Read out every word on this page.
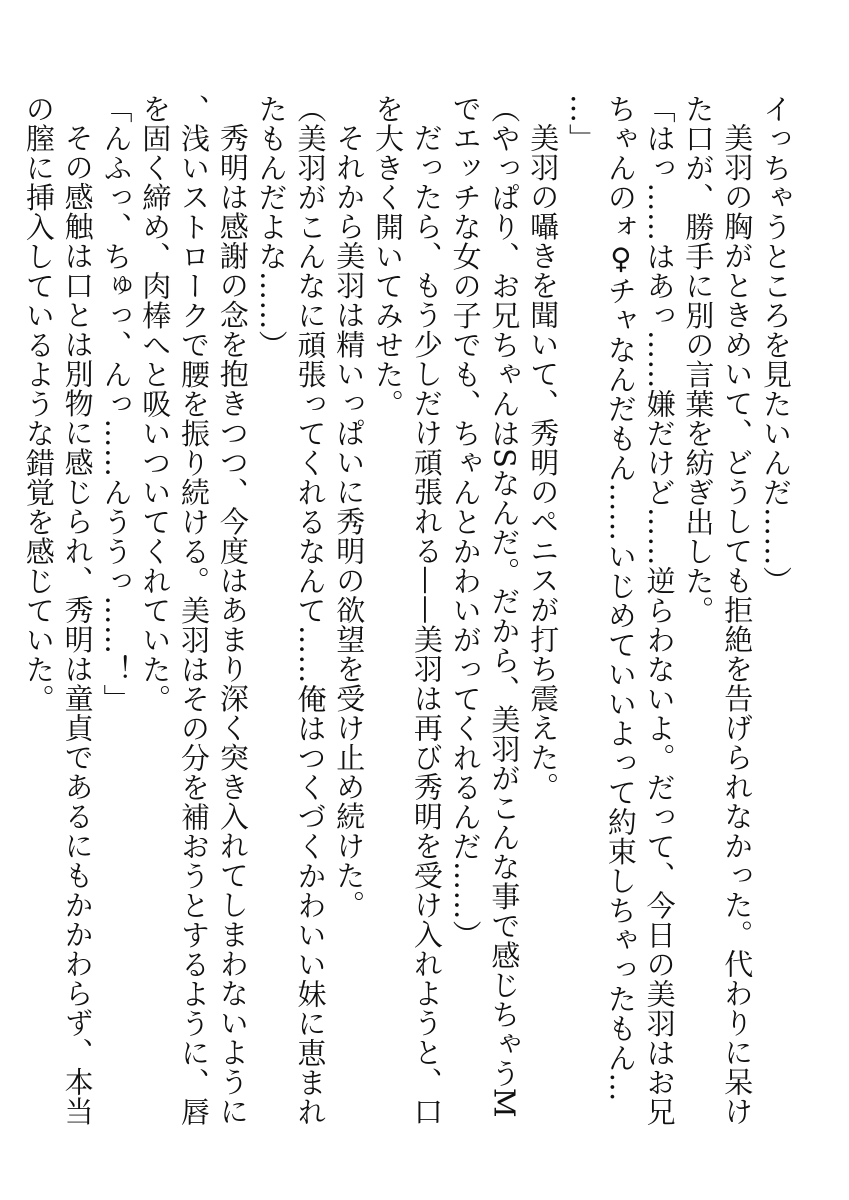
イっちゃうところを見たいんだ……）

美羽の胸がときめいて、どうしても拒絶を告げられなかった。代わりに呆けた口が、勝手に別の言葉を紡ぎ出した。

「はっ……はあっ……嫌だけど……逆らわないよ。だって、今日の美羽はお兄ちゃんのォ♀チャなんだもん……いじめていいよって約束しちゃったもん……」

美羽の囁きを聞いて、秀明のペニスが打ち震えた。

（やっぱり、お兄ちゃんはSなんだ。だから、美羽がこんな事で感じちゃうMでエッチな女の子でも、ちゃんとかわいがってくれるんだ……）

だったら、もう少しだけ頑張れる——美羽は再び秀明を受け入れようと、口を大きく開いてみせた。

それから美羽は精いっぱいに秀明の欲望を受け止め続けた。

（美羽がこんなに頑張ってくれるなんて……俺はつくづくかわいい妹に恵まれたもんだよな……）

秀明は感謝の念を抱きつつ、今度はあまり深く突き入れてしまわないように、浅いストロークで腰を振り続ける。美羽はその分を補おうとするように、唇を固く締め、肉棒へと吸いついてくれていた。

「んふっ、ちゅっ、んっ……んううっ……！」

その感触は口とは別物に感じられ、秀明は童貞であるにもかかわらず、本当の膣に挿入しているような錯覚を感じていた。
